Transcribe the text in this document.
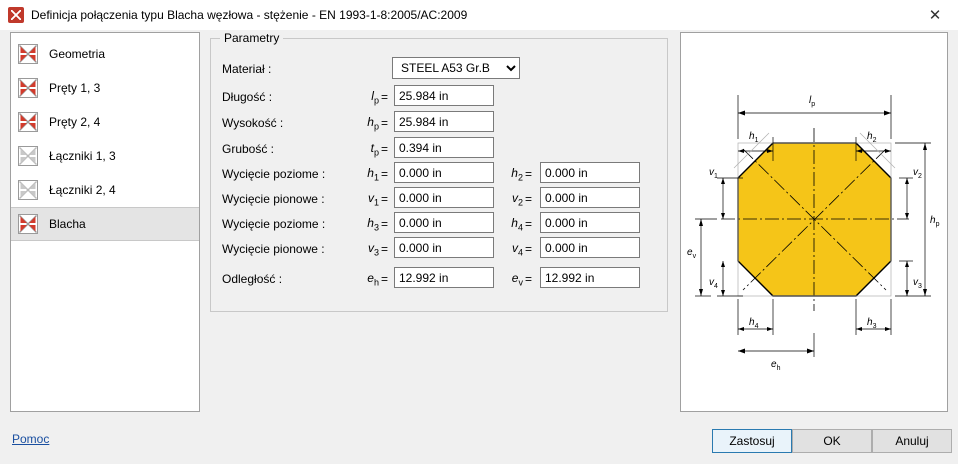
Definicja połączenia typu Blacha węzłowa - stężenie - EN 1993-1-8:2005/AC:2009	✕
Geometria
Pręty 1, 3
Pręty 2, 4
Łączniki 1, 3
Łączniki 2, 4
Blacha
Parametry
Materiał :
STEEL A53 Gr.B
Długość :	$l_p$ =
25.984 in
Wysokość :	$h_p$ =
25.984 in
Grubość :	$t_p$ =
0.394 in
Wycięcie poziome :	$h_1$ =
0.000 in	$h_2$ =
0.000 in
Wycięcie pionowe :	$v_1$ =
0.000 in	$v_2$ =
0.000 in
Wycięcie poziome :	$h_3$ =
0.000 in	$h_4$ =
0.000 in
Wycięcie pionowe :	$v_3$ =
0.000 in	$v_4$ =
0.000 in
Odległość :	$e_h$ =
12.992 in	$e_v$ =
12.992 in
$l_p$
$h_1$	$h_2$
$v_1$	$v_2$
$v_3$
$v_4$
$h_p$
$h_4$	$h_3$
$e_h$
$e_v$
Pomoc	Zastosuj	OK	Anuluj
